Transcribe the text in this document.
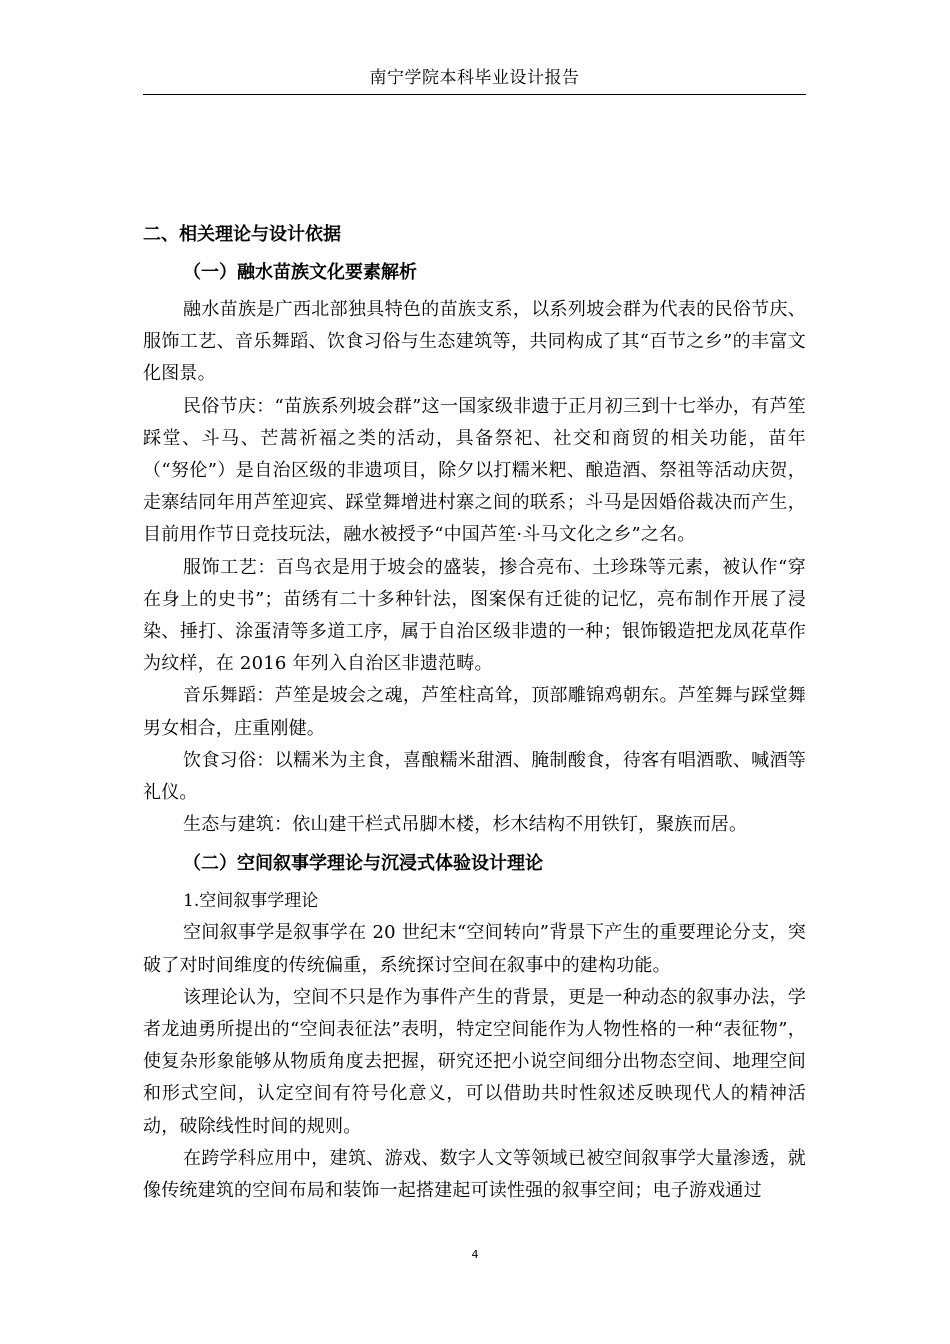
南宁学院本科毕业设计报告
二、相关理论与设计依据
（一）融水苗族文化要素解析

融水苗族是广西北部独具特色的苗族支系，以系列坡会群为代表的民俗节庆、服饰工艺、音乐舞蹈、饮食习俗与生态建筑等，共同构成了其“百节之乡”的丰富文化图景。

民俗节庆：“苗族系列坡会群”这一国家级非遗于正月初三到十七举办，有芦笙踩堂、斗马、芒蒿祈福之类的活动，具备祭祀、社交和商贸的相关功能，苗年（“努伦”）是自治区级的非遗项目，除夕以打糯米粑、酿造酒、祭祖等活动庆贺，走寨结同年用芦笙迎宾、踩堂舞增进村寨之间的联系；斗马是因婚俗裁决而产生，目前用作节日竞技玩法，融水被授予“中国芦笙·斗马文化之乡”之名。

服饰工艺：百鸟衣是用于坡会的盛装，掺合亮布、土珍珠等元素，被认作“穿在身上的史书”；苗绣有二十多种针法，图案保有迁徙的记忆，亮布制作开展了浸染、捶打、涂蛋清等多道工序，属于自治区级非遗的一种；银饰锻造把龙凤花草作为纹样，在 2016 年列入自治区非遗范畴。

音乐舞蹈：芦笙是坡会之魂，芦笙柱高耸，顶部雕锦鸡朝东。芦笙舞与踩堂舞男女相合，庄重刚健。

饮食习俗：以糯米为主食，喜酿糯米甜酒、腌制酸食，待客有唱酒歌、喊酒等礼仪。

生态与建筑：依山建干栏式吊脚木楼，杉木结构不用铁钉，聚族而居。

（二）空间叙事学理论与沉浸式体验设计理论
1.空间叙事学理论

空间叙事学是叙事学在 20 世纪末“空间转向”背景下产生的重要理论分支，突破了对时间维度的传统偏重，系统探讨空间在叙事中的建构功能。

该理论认为，空间不只是作为事件产生的背景，更是一种动态的叙事办法，学者龙迪勇所提出的“空间表征法”表明，特定空间能作为人物性格的一种“表征物”，使复杂形象能够从物质角度去把握，研究还把小说空间细分出物态空间、地理空间和形式空间，认定空间有符号化意义，可以借助共时性叙述反映现代人的精神活动，破除线性时间的规则。

在跨学科应用中，建筑、游戏、数字人文等领域已被空间叙事学大量渗透，就像传统建筑的空间布局和装饰一起搭建起可读性强的叙事空间；电子游戏通过

4
